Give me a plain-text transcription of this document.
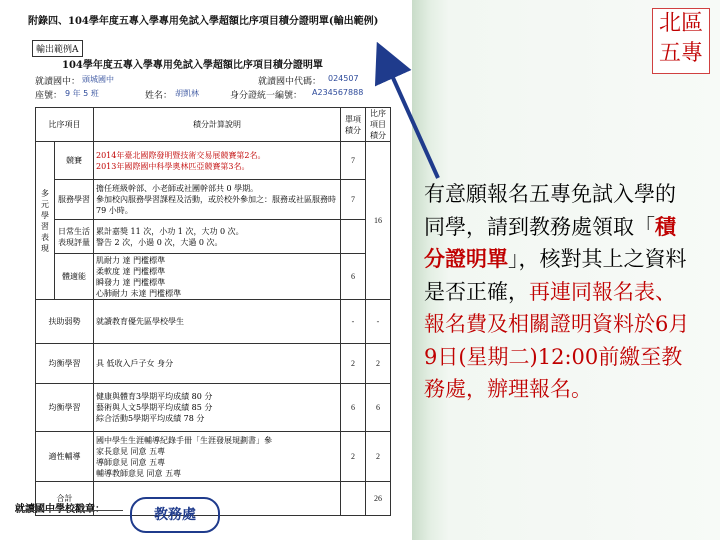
附錄四、104學年度五專入學專用免試入學超額比序項目積分證明單(輸出範例)
輸出範例A
104學年度五專入學專用免試入學超額比序項目積分證明單
就讀國中： 頭城國中	就讀國中代碼： 024507
座號： 9 年 5 班	姓名： 胡凱林	身分證統一編號： A234567888
比序項目		積分計算說明	單項積分	比序項目積分
多元學習表現	競賽	2014年臺北國際發明暨技術交易展競賽第2名。
2013年國際國中科學奧林匹亞競賽第3名。	7	16
	服務學習	擔任班級幹部、小老師或社團幹部共 0 學期。
參加校內服務學習課程及活動，或於校外參加之：服務或社區服務時 79 小時。	7	
	日常生活表現評量	累計嘉獎 11 次，小功 1 次，大功 0 次。
警告 2 次，小過 0 次，大過 0 次。		

	體適能	肌耐力 達 門檻標準
柔軟度 達 門檻標準
瞬發力 達 門檻標準
心肺耐力 未達 門檻標準	6	
扶助弱勢		就讀教育優先區學校學生	-	-
均衡學習		具 低收入戶子女 身分	2	2
均衡學習		健康與體育3學期平均成績 80 分
藝術與人文5學期平均成績 85 分
綜合活動5學期平均成績 78 分	6	6
適性輔導		國中學生生涯輔導紀錄手冊「生涯發展規劃書」參
家長意見 同意 五專
導師意見 同意 五專
輔導教師意見 同意 五專	2	2
合計				26
就讀國中學校戳章：	教務處
北區
五專
有意願報名五專免試入學的同學，請到教務處領取「積分證明單」，核對其上之資料是否正確，再連同報名表、報名費及相關證明資料於6月9日(星期二)12:00前繳至教務處，辦理報名。
